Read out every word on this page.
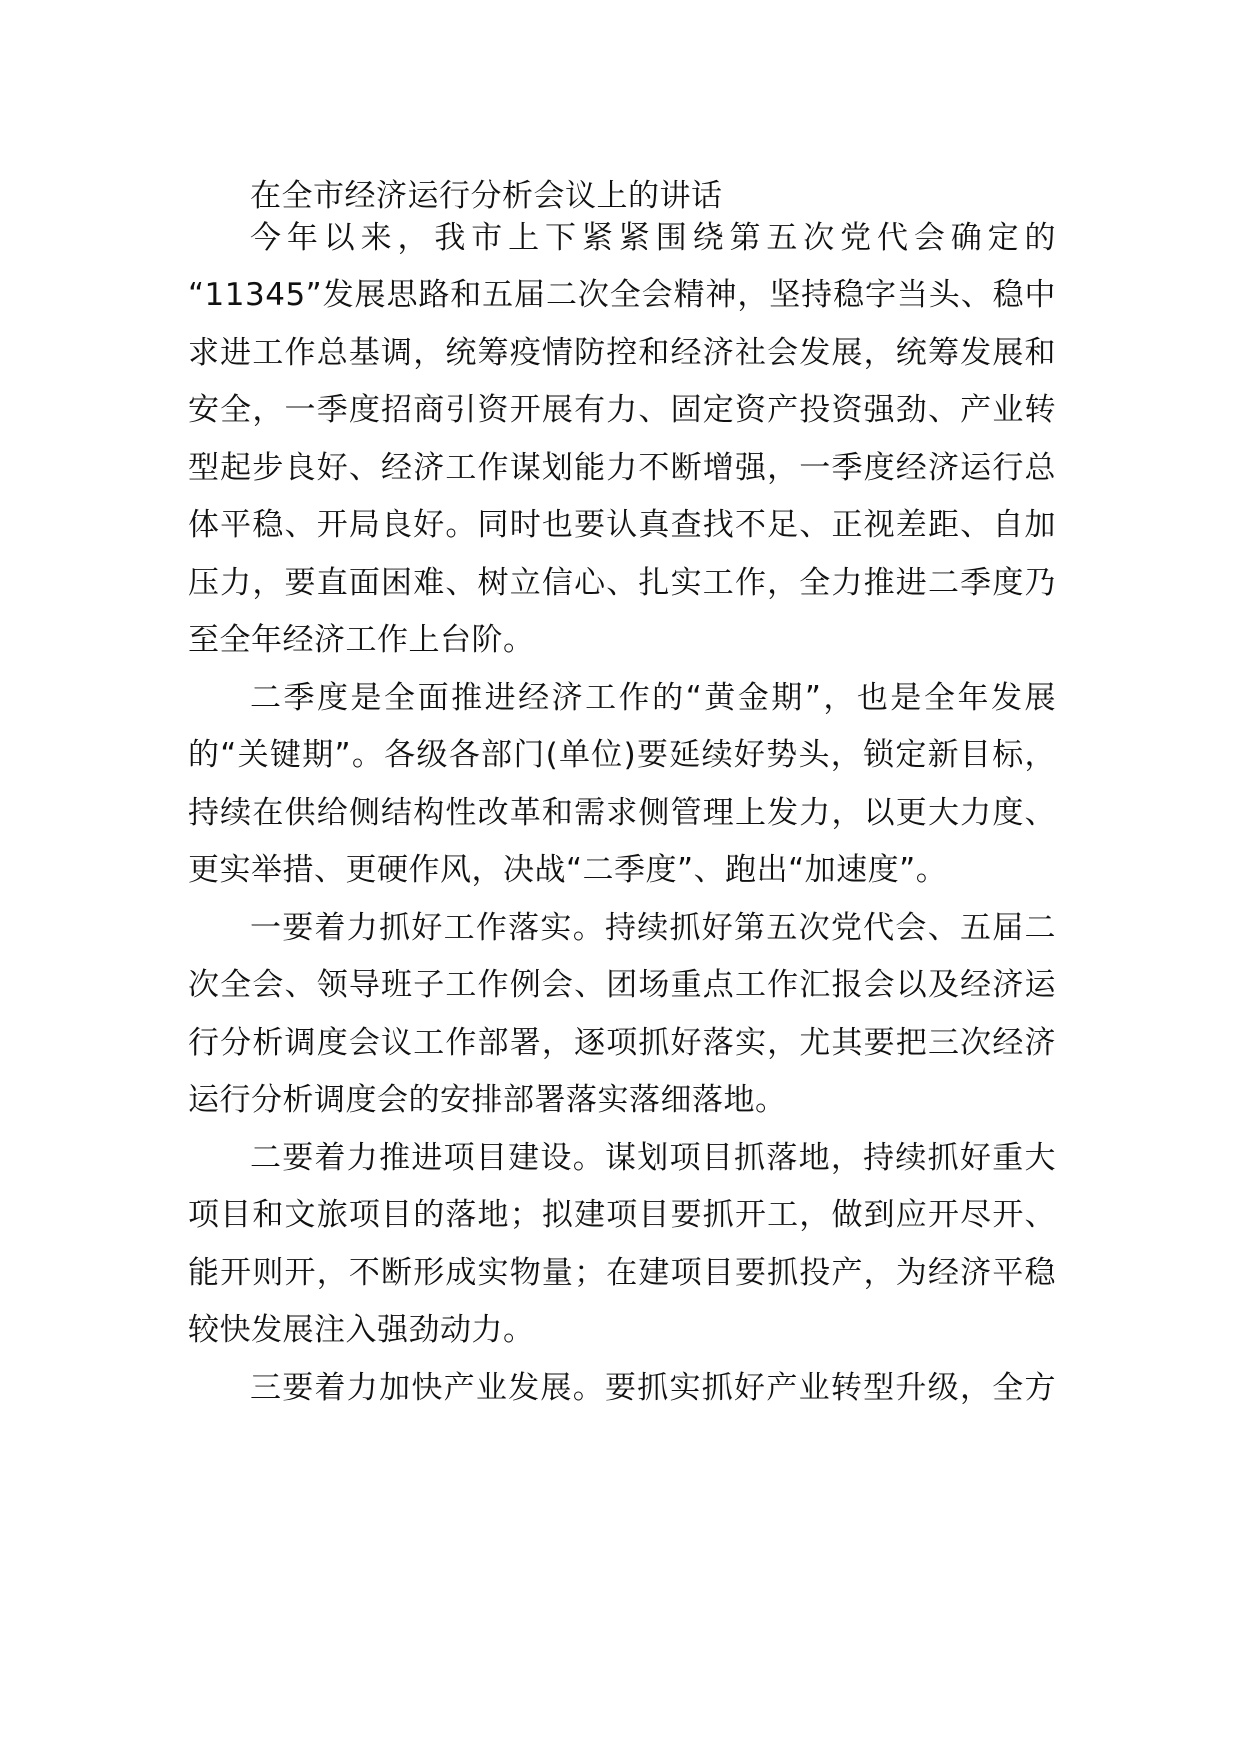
在全市经济运行分析会议上的讲话
今年以来，我市上下紧紧围绕第五次党代会确定的
“11345”发展思路和五届二次全会精神，坚持稳字当头、稳中
求进工作总基调，统筹疫情防控和经济社会发展，统筹发展和
安全，一季度招商引资开展有力、固定资产投资强劲、产业转
型起步良好、经济工作谋划能力不断增强，一季度经济运行总
体平稳、开局良好。同时也要认真查找不足、正视差距、自加
压力，要直面困难、树立信心、扎实工作，全力推进二季度乃
至全年经济工作上台阶。
二季度是全面推进经济工作的“黄金期”，也是全年发展
的“关键期”。各级各部门(单位)要延续好势头，锁定新目标，
持续在供给侧结构性改革和需求侧管理上发力，以更大力度、
更实举措、更硬作风，决战“二季度”、跑出“加速度”。
一要着力抓好工作落实。持续抓好第五次党代会、五届二
次全会、领导班子工作例会、团场重点工作汇报会以及经济运
行分析调度会议工作部署，逐项抓好落实，尤其要把三次经济
运行分析调度会的安排部署落实落细落地。
二要着力推进项目建设。谋划项目抓落地，持续抓好重大
项目和文旅项目的落地；拟建项目要抓开工，做到应开尽开、
能开则开，不断形成实物量；在建项目要抓投产，为经济平稳
较快发展注入强劲动力。
三要着力加快产业发展。要抓实抓好产业转型升级，全方
